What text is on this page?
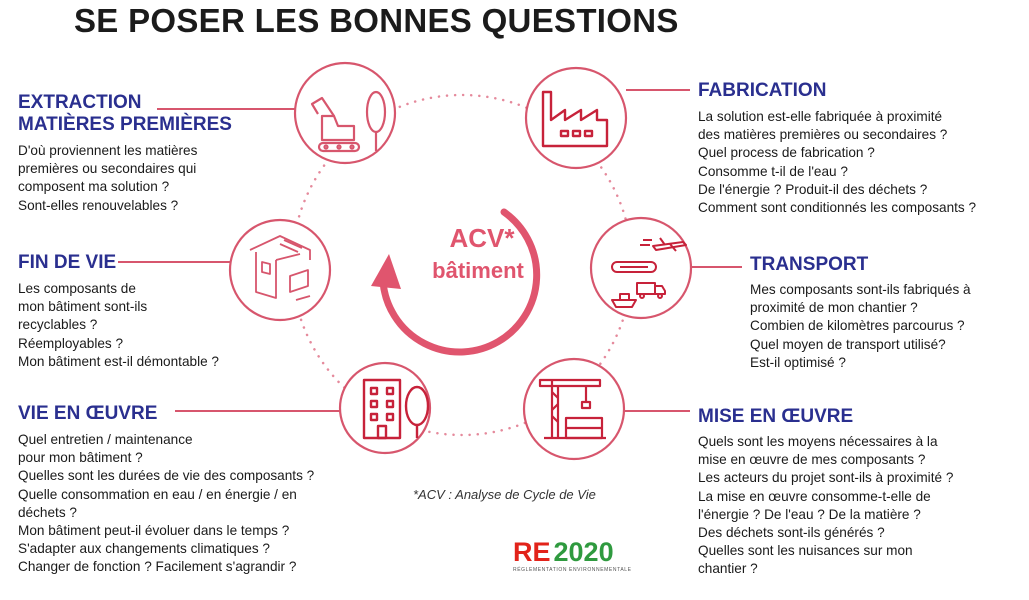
SE POSER LES BONNES QUESTIONS
ACV*
bâtiment
EXTRACTION
MATIÈRES PREMIÈRES
D'où proviennent les matières
premières ou secondaires qui
composent ma solution ?
Sont-elles renouvelables ?
FABRICATION
La solution est-elle fabriquée à proximité
des matières premières ou secondaires ?
Quel process de fabrication ?
Consomme t-il de l'eau ?
De l'énergie ? Produit-il des déchets ?
Comment sont conditionnés les composants ?
TRANSPORT
Mes composants sont-ils fabriqués à
proximité de mon chantier ?
Combien de kilomètres parcourus ?
Quel moyen de transport utilisé?
Est-il optimisé ?
MISE EN ŒUVRE
Quels sont les moyens nécessaires à la
mise en œuvre de mes composants ?
Les acteurs du projet sont-ils à proximité ?
La mise en œuvre consomme-t-elle de
l'énergie ? De l'eau ? De la matière ?
Des déchets sont-ils générés ?
Quelles sont les nuisances sur mon
chantier ?
VIE EN ŒUVRE
Quel entretien / maintenance
pour mon bâtiment ?
Quelles sont les durées de vie des composants ?
Quelle consommation en eau / en énergie / en
déchets ?
Mon bâtiment peut-il évoluer dans le temps ?
S'adapter aux changements climatiques ?
Changer de fonction ? Facilement s'agrandir ?
FIN DE VIE
Les composants de
mon bâtiment sont-ils
recyclables ?
Réemployables ?
Mon bâtiment est-il démontable ?
*ACV : Analyse de Cycle de Vie
RE 2020
RÉGLEMENTATION ENVIRONNEMENTALE
